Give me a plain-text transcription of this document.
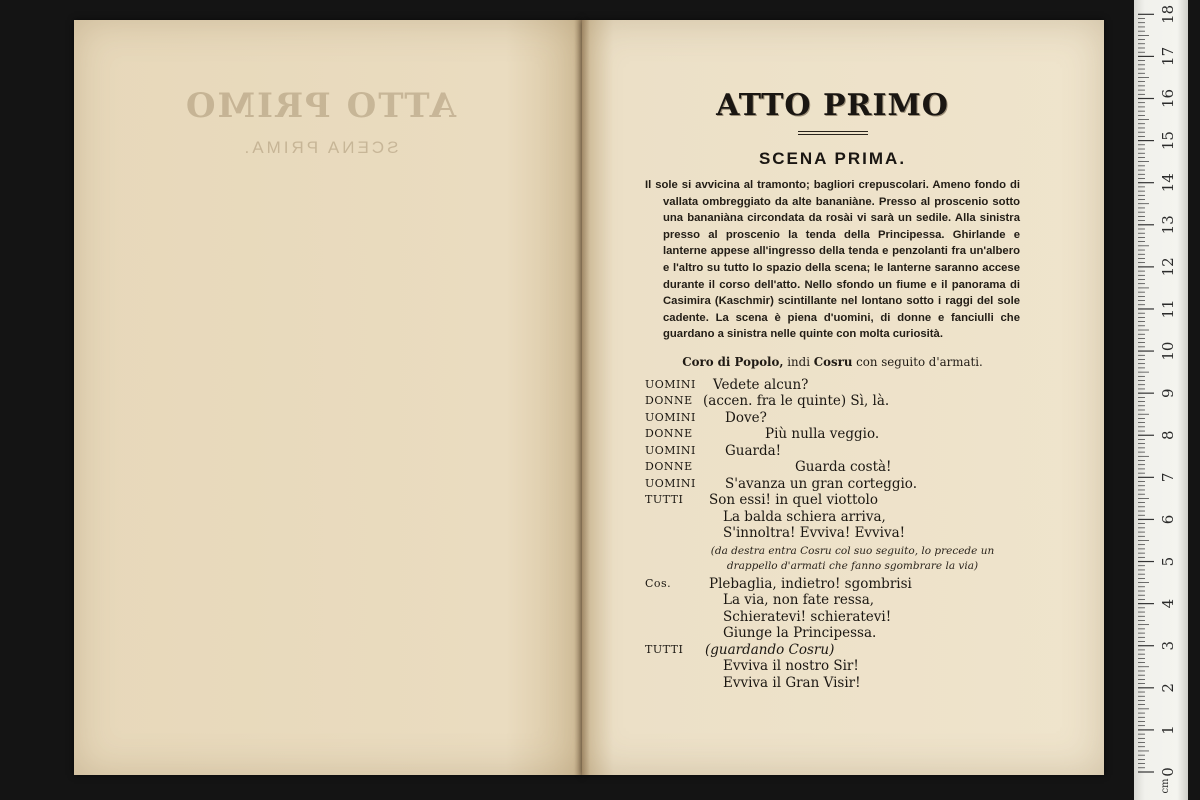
ATTO PRIMO
SCENA PRIMA.
ATTO PRIMO
SCENA PRIMA.

Il sole si avvicina al tramonto; bagliori crepuscolari. Ameno fondo di vallata ombreggiato da alte bananiàne. Presso al proscenio sotto una bananiàna circondata da rosài vi sarà un sedile. Alla sinistra presso al proscenio la tenda della Principessa. Ghirlande e lanterne appese all'ingresso della tenda e penzolanti fra un'albero e l'altro su tutto lo spazio della scena; le lanterne saranno accese durante il corso dell'atto. Nello sfondo un fiume e il panorama di Casimira (Kaschmir) scintillante nel lontano sotto i raggi del sole cadente. La scena è piena d'uomini, di donne e fanciulli che guardano a sinistra nelle quinte con molta curiosità.

Coro di Popolo, indi Cosru con seguito d'armati.

UOMINI	Vedete alcun?
DONNE (accen. fra le quinte) Sì, là.
UOMINI	Dove?
DONNE	Più nulla veggio.
UOMINI	Guarda!
DONNE	Guarda costà!
UOMINI	S'avanza un gran corteggio.
TUTTI	Son essi! in quel viottolo
La balda schiera arriva,
S'innoltra! Evviva! Evviva!

(da destra entra Cosru col suo seguito, lo precede un drappello d'armati che fanno sgombrare la via)

Cos.	Plebaglia, indietro! sgombrisi
La via, non fate ressa,
Schieratevi! schieratevi!
Giunge la Principessa.
TUTTI	(guardando Cosru)
Evviva il nostro Sir!
Evviva il Gran Visir!
0
1
2
3
4
5
6
7
8
9
10
11
12
13
14
15
16
17
18
cm
